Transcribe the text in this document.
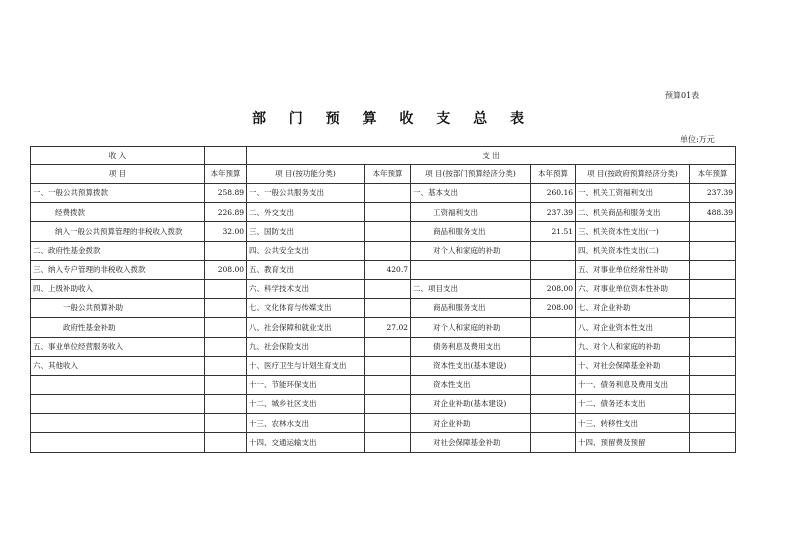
预算01表
部 门 预 算 收 支 总 表
单位:万元
收 入		支 出					
项 目	本年预算	项 目(按功能分类)	本年预算	项 目(按部门预算经济分类)	本年预算	项 目(按政府预算经济分类)	本年预算
一、一般公共预算拨款	258.89	一、一般公共服务支出		一、基本支出	260.16	一、机关工资福利支出	237.39
经费拨款	226.89	二、外交支出		工资福利支出	237.39	二、机关商品和服务支出	488.39
纳入一般公共预算管理的非税收入拨款	32.00	三、国防支出		商品和服务支出	21.51	三、机关资本性支出(一)	
二、政府性基金拨款		四、公共安全支出		对个人和家庭的补助		四、机关资本性支出(二)	
三、纳入专户管理的非税收入拨款	208.00	五、教育支出	420.7			五、对事业单位经常性补助	
四、上级补助收入		六、科学技术支出		二、项目支出	208.00	六、对事业单位资本性补助	
一般公共预算补助		七、文化体育与传媒支出		商品和服务支出	208.00	七、对企业补助	
政府性基金补助		八、社会保障和就业支出	27.02	对个人和家庭的补助		八、对企业资本性支出	
五、事业单位经营服务收入		九、社会保险支出		债务利息及费用支出		九、对个人和家庭的补助	
六、其他收入		十、医疗卫生与计划生育支出		资本性支出(基本建设)		十、对社会保障基金补助	
		十一、节能环保支出		资本性支出		十一、债务利息及费用支出	
		十二、城乡社区支出		对企业补助(基本建设)		十二、债务还本支出	
		十三、农林水支出		对企业补助		十三、转移性支出	
		十四、交通运输支出		对社会保障基金补助		十四、预留费及预留	
